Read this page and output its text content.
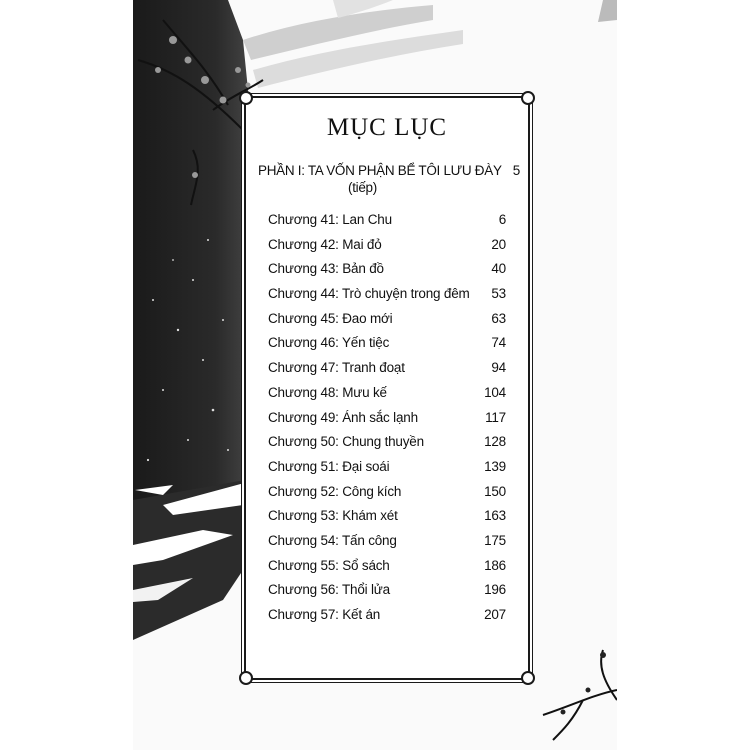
MỤC LỤC
PHẦN I: TA VỐN PHẬN BỂ TÔI LƯU ĐÀY 5
(tiếp)
Chương 41: Lan Chu	6
Chương 42: Mai đỏ	20
Chương 43: Bản đồ	40
Chương 44: Trò chuyện trong đêm 53
Chương 45: Đao mới	63
Chương 46: Yến tiệc	74
Chương 47: Tranh đoạt	94
Chương 48: Mưu kế	104
Chương 49: Ánh sắc lạnh	117
Chương 50: Chung thuyền	128
Chương 51: Đại soái	139
Chương 52: Công kích	150
Chương 53: Khám xét	163
Chương 54: Tấn công	175
Chương 55: Sổ sách	186
Chương 56: Thổi lửa	196
Chương 57: Kết án	207
